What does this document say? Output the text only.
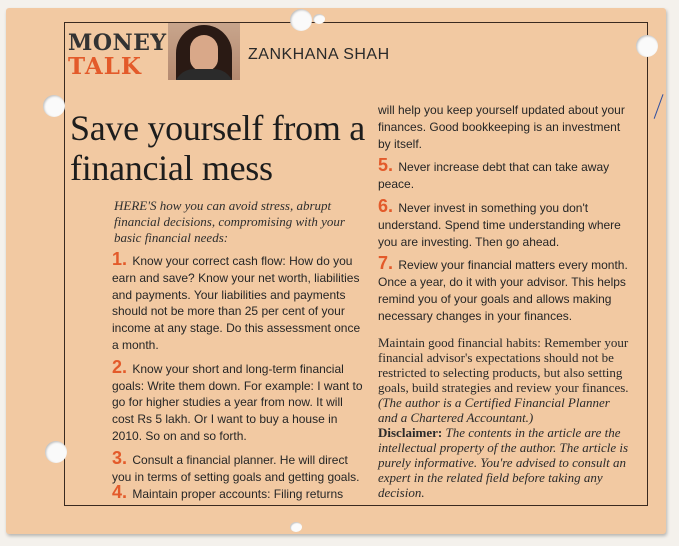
MONEY
TALK	ZANKHANA SHAH
Save yourself from a financial mess
HERE'S how you can avoid stress, abrupt financial decisions, compromising with your basic financial needs:

1. Know your correct cash flow: How do you earn and save? Know your net worth, liabilities and payments. Your liabilities and payments should not be more than 25 per cent of your income at any stage. Do this assessment once a month.

2. Know your short and long-term financial goals: Write them down. For example: I want to go for higher studies a year from now. It will cost Rs 5 lakh. Or I want to buy a house in 2010. So on and so forth.

3. Consult a financial planner. He will direct you in terms of setting goals and getting goals.

4. Maintain proper accounts: Filing returns

will help you keep yourself updated about your finances. Good bookkeeping is an investment by itself.

5. Never increase debt that can take away peace.

6. Never invest in something you don't understand. Spend time understanding where you are investing. Then go ahead.

7. Review your financial matters every month. Once a year, do it with your advisor. This helps remind you of your goals and allows making necessary changes in your finances.

Maintain good financial habits: Remember your financial advisor's expectations should not be restricted to selecting products, but also setting goals, build strategies and review your finances.

(The author is a Certified Financial Planner and a Chartered Accountant.)

Disclaimer: The contents in the article are the intellectual property of the author. The article is purely informative. You're advised to consult an expert in the related field before taking any decision.
